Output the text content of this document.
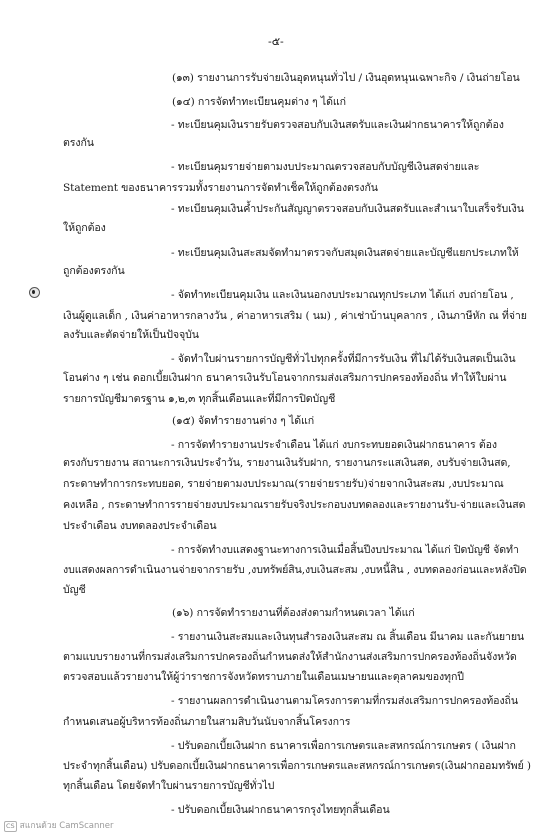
-๕-
(๑๓) รายงานการรับจ่ายเงินอุดหนุนทั่วไป / เงินอุดหนุนเฉพาะกิจ / เงินถ่ายโอน
(๑๔) การจัดทำทะเบียนคุมต่าง ๆ ได้แก่
- ทะเบียนคุมเงินรายรับตรวจสอบกับเงินสดรับและเงินฝากธนาคารให้ถูกต้อง
ตรงกัน
- ทะเบียนคุมรายจ่ายตามงบประมาณตรวจสอบกับบัญชีเงินสดจ่ายและ
Statement ของธนาคารรวมทั้งรายงานการจัดทำเช็คให้ถูกต้องตรงกัน
- ทะเบียนคุมเงินค้ำประกันสัญญาตรวจสอบกับเงินสดรับและสำเนาใบเสร็จรับเงิน
ให้ถูกต้อง
- ทะเบียนคุมเงินสะสมจัดทำมาตรวจกับสมุดเงินสดจ่ายและบัญชีแยกประเภทให้
ถูกต้องตรงกัน
- จัดทำทะเบียนคุมเงิน และเงินนอกงบประมาณทุกประเภท ได้แก่ งบถ่ายโอน ,
เงินผู้ดูแลเด็ก , เงินค่าอาหารกลางวัน , ค่าอาหารเสริม ( นม) , ค่าเช่าบ้านบุคลากร , เงินภาษีหัก ณ ที่จ่าย
ลงรับและตัดจ่ายให้เป็นปัจจุบัน
- จัดทำใบผ่านรายการบัญชีทั่วไปทุกครั้งที่มีการรับเงิน ที่ไม่ได้รับเงินสดเป็นเงิน
โอนต่าง ๆ เช่น ดอกเบี้ยเงินฝาก ธนาคารเงินรับโอนจากกรมส่งเสริมการปกครองท้องถิ่น ทำให้ใบผ่าน
รายการบัญชีมาตรฐาน ๑,๒,๓ ทุกสิ้นเดือนและที่มีการปิดบัญชี
(๑๕) จัดทำรายงานต่าง ๆ ได้แก่
- การจัดทำรายงานประจำเดือน ได้แก่ งบกระทบยอดเงินฝากธนาคาร ต้อง
ตรงกับรายงาน สถานะการเงินประจำวัน, รายงานเงินรับฝาก, รายงานกระแสเงินสด, งบรับจ่ายเงินสด,
กระดาษทำการกระทบยอด, รายจ่ายตามงบประมาณ(รายจ่ายรายรับ)จ่ายจากเงินสะสม ,งบประมาณ
คงเหลือ , กระดาษทำการรายจ่ายงบประมาณรายรับจริงประกอบงบทดลองและรายงานรับ-จ่ายและเงินสด
ประจำเดือน งบทดลองประจำเดือน
- การจัดทำงบแสดงฐานะทางการเงินเมื่อสิ้นปีงบประมาณ ได้แก่ ปิดบัญชี จัดทำ
งบแสดงผลการดำเนินงานจ่ายจากรายรับ ,งบทรัพย์สิน,งบเงินสะสม ,งบหนี้สิน , งบทดลองก่อนและหลังปิด
บัญชี
(๑๖) การจัดทำรายงานที่ต้องส่งตามกำหนดเวลา ได้แก่
- รายงานเงินสะสมและเงินทุนสำรองเงินสะสม ณ สิ้นเดือน มีนาคม และกันยายน
ตามแบบรายงานที่กรมส่งเสริมการปกครองถิ่นกำหนดส่งให้สำนักงานส่งเสริมการปกครองท้องถิ่นจังหวัด
ตรวจสอบแล้วรายงานให้ผู้ว่าราชการจังหวัดทราบภายในเดือนเมษายนและตุลาคมของทุกปี
- รายงานผลการดำเนินงานตามโครงการตามที่กรมส่งเสริมการปกครองท้องถิ่น
กำหนดเสนอผู้บริหารท้องถิ่นภายในสามสิบวันนับจากสิ้นโครงการ
- ปรับดอกเบี้ยเงินฝาก ธนาคารเพื่อการเกษตรและสหกรณ์การเกษตร ( เงินฝาก
ประจำทุกสิ้นเดือน) ปรับดอกเบี้ยเงินฝากธนาคารเพื่อการเกษตรและสหกรณ์การเกษตร(เงินฝากออมทรัพย์ )
ทุกสิ้นเดือน โดยจัดทำใบผ่านรายการบัญชีทั่วไป
- ปรับดอกเบี้ยเงินฝากธนาคารกรุงไทยทุกสิ้นเดือน
CS สแกนด้วย CamScanner
